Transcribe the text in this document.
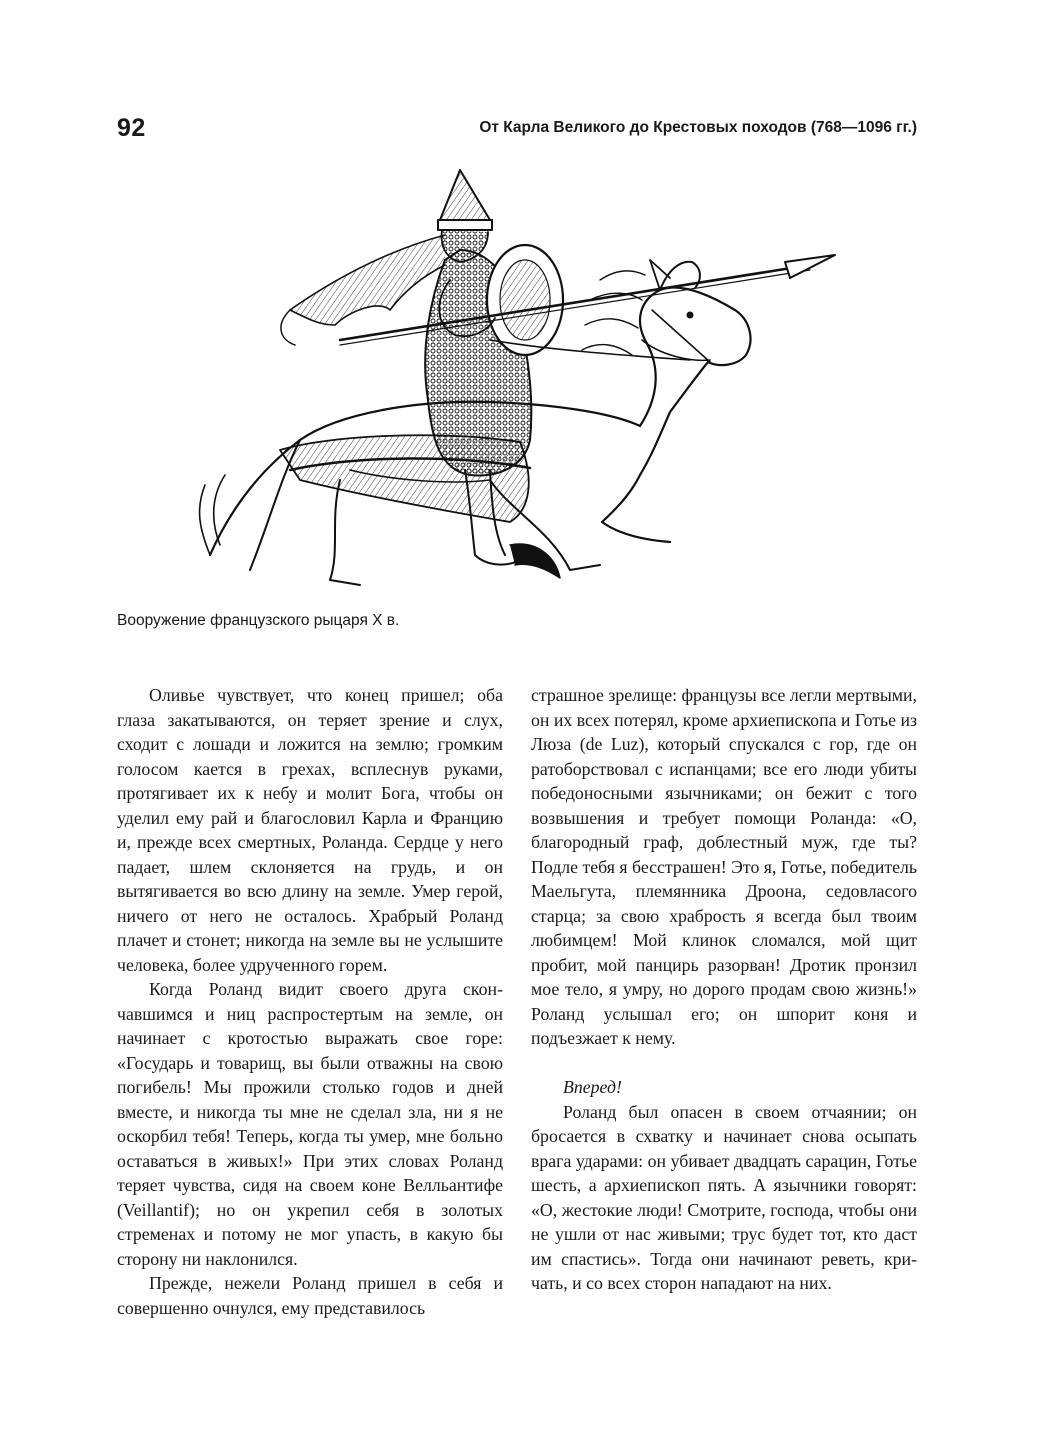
92	От Карла Великого до Крестовых походов (768—1096 гг.)
Вооружение французского рыцаря X в.

Оливье чувствует, что конец пришел; оба глаза закатываются, он теряет зрение и слух, сходит с лошади и ложится на землю; громким голосом кается в грехах, всплеснув руками, протягивает их к небу и молит Бога, чтобы он уделил ему рай и благословил Карла и Францию и, прежде всех смертных, Роланда. Сердце у него падает, шлем склоняется на грудь, и он вытягивается во всю длину на земле. Умер герой, ничего от него не осталось. Храбрый Роланд плачет и стонет; никогда на земле вы не услышите человека, более удрученного горем.

Когда Роланд видит своего друга скончавшимся и ниц распростертым на земле, он начинает с кротостью выражать свое горе: «Государь и товарищ, вы были отважны на свою погибель! Мы прожили столько годов и дней вместе, и никогда ты мне не сделал зла, ни я не оскорбил тебя! Теперь, когда ты умер, мне больно оставаться в живых!» При этих словах Роланд теряет чувства, сидя на своем коне Велльантифе (Veillantif); но он укрепил себя в золотых стременах и потому не мог упасть, в какую бы сторону ни наклонился.

Прежде, нежели Роланд пришел в себя и совершенно очнулся, ему представилось

страшное зрелище: французы все легли мертвыми, он их всех потерял, кроме архиепископа и Готье из Люза (de Luz), который спускался с гор, где он ратоборствовал с испанцами; все его люди убиты победоносными язычниками; он бежит с того возвышения и требует помощи Роланда: «О, благородный граф, доблестный муж, где ты? Подле тебя я бесстрашен! Это я, Готье, победитель Маельгута, племянника Дроона, седовласого старца; за свою храбрость я всегда был твоим любимцем! Мой клинок сломался, мой щит пробит, мой панцирь разорван! Дротик пронзил мое тело, я умру, но дорого продам свою жизнь!» Роланд услышал его; он шпорит коня и подъезжает к нему.

Вперед!

Роланд был опасен в своем отчаянии; он бросается в схватку и начинает снова осыпать врага ударами: он убивает двадцать сарацин, Готье шесть, а архиепископ пять. А язычники говорят: «О, жестокие люди! Смотрите, господа, чтобы они не ушли от нас живыми; трус будет тот, кто даст им спастись». Тогда они начинают реветь, кричать, и со всех сторон нападают на них.
